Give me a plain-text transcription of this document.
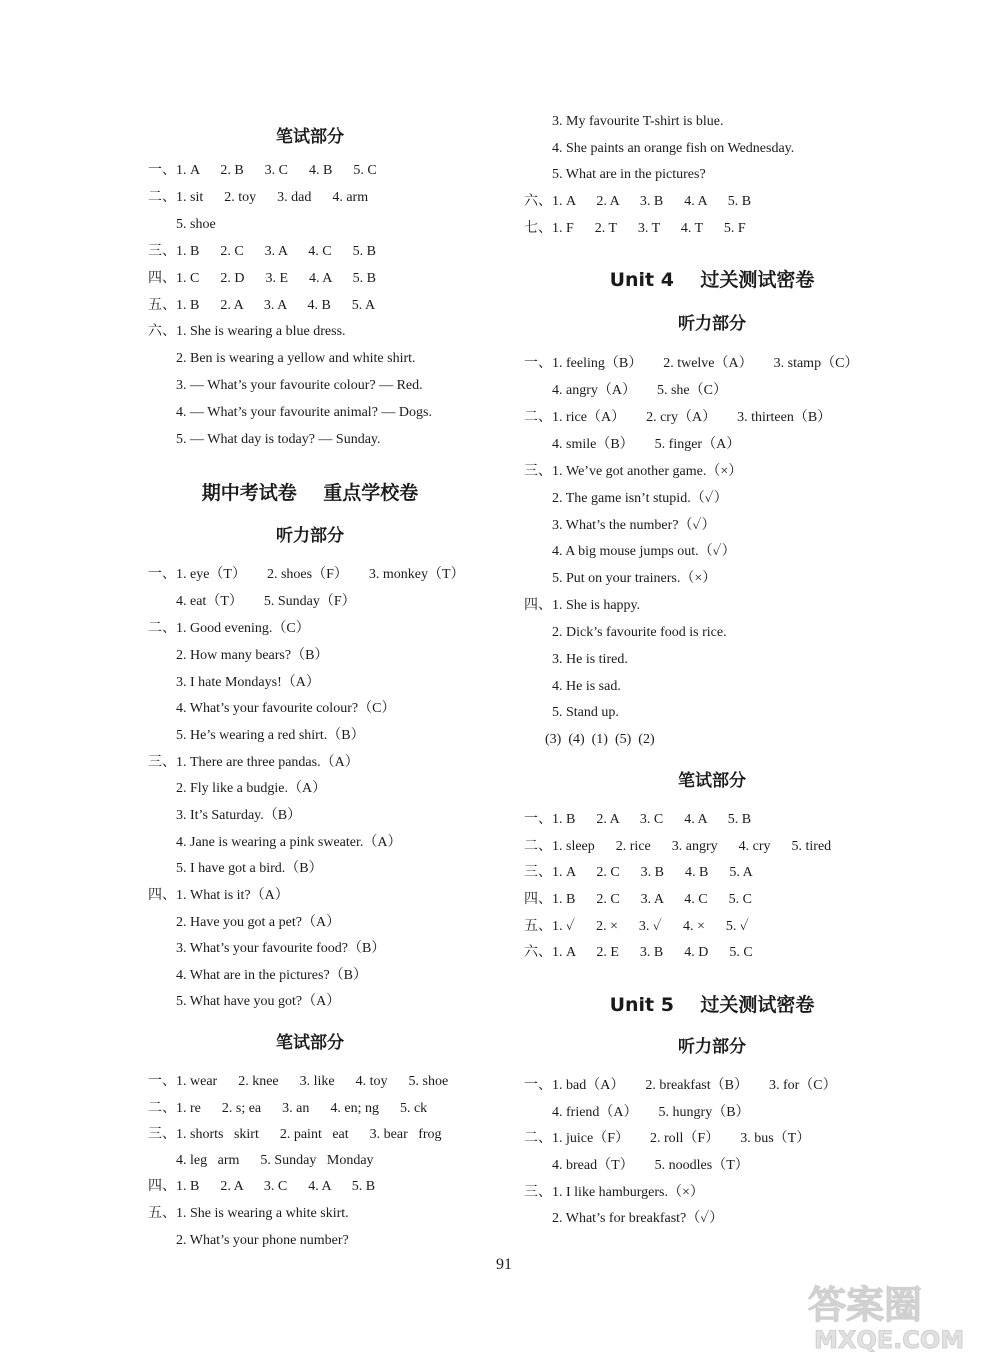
笔试部分
一、1. A      2. B      3. C      4. B      5. C
二、1. sit      2. toy      3. dad      4. arm
5. shoe
三、1. B      2. C      3. A      4. C      5. B
四、1. C      2. D      3. E      4. A      5. B
五、1. B      2. A      3. A      4. B      5. A
六、1. She is wearing a blue dress.
2. Ben is wearing a yellow and white shirt.
3. — What’s your favourite colour? — Red.
4. — What’s your favourite animal? — Dogs.
5. — What day is today? — Sunday.
期中考试卷    重点学校卷
听力部分
一、1. eye（T）      2. shoes（F）      3. monkey（T）
4. eat（T）      5. Sunday（F）
二、1. Good evening.（C）
2. How many bears?（B）
3. I hate Mondays!（A）
4. What’s your favourite colour?（C）
5. He’s wearing a red shirt.（B）
三、1. There are three pandas.（A）
2. Fly like a budgie.（A）
3. It’s Saturday.（B）
4. Jane is wearing a pink sweater.（A）
5. I have got a bird.（B）
四、1. What is it?（A）
2. Have you got a pet?（A）
3. What’s your favourite food?（B）
4. What are in the pictures?（B）
5. What have you got?（A）
笔试部分
一、1. wear      2. knee      3. like      4. toy      5. shoe
二、1. re      2. s; ea      3. an      4. en; ng      5. ck
三、1. shorts   skirt      2. paint   eat      3. bear   frog
4. leg   arm      5. Sunday   Monday
四、1. B      2. A      3. C      4. A      5. B
五、1. She is wearing a white skirt.
2. What’s your phone number?
3. My favourite T-shirt is blue.
4. She paints an orange fish on Wednesday.
5. What are in the pictures?
六、1. A      2. A      3. B      4. A      5. B
七、1. F      2. T      3. T      4. T      5. F
Unit 4    过关测试密卷
听力部分
一、1. feeling（B）      2. twelve（A）      3. stamp（C）
4. angry（A）      5. she（C）
二、1. rice（A）      2. cry（A）      3. thirteen（B）
4. smile（B）      5. finger（A）
三、1. We’ve got another game.（×）
2. The game isn’t stupid.（✓）
3. What’s the number?（✓）
4. A big mouse jumps out.（✓）
5. Put on your trainers.（×）
四、1. She is happy.
2. Dick’s favourite food is rice.
3. He is tired.
4. He is sad.
5. Stand up.
(3)  (4)  (1)  (5)  (2)
笔试部分
一、1. B      2. A      3. C      4. A      5. B
二、1. sleep      2. rice      3. angry      4. cry      5. tired
三、1. A      2. C      3. B      4. B      5. A
四、1. B      2. C      3. A      4. C      5. C
五、1. ✓      2. ×      3. ✓      4. ×      5. ✓
六、1. A      2. E      3. B      4. D      5. C
Unit 5    过关测试密卷
听力部分
一、1. bad（A）      2. breakfast（B）      3. for（C）
4. friend（A）      5. hungry（B）
二、1. juice（F）      2. roll（F）      3. bus（T）
4. bread（T）      5. noodles（T）
三、1. I like hamburgers.（×）
2. What’s for breakfast?（✓）
91
答案圈
MXQE.COM
